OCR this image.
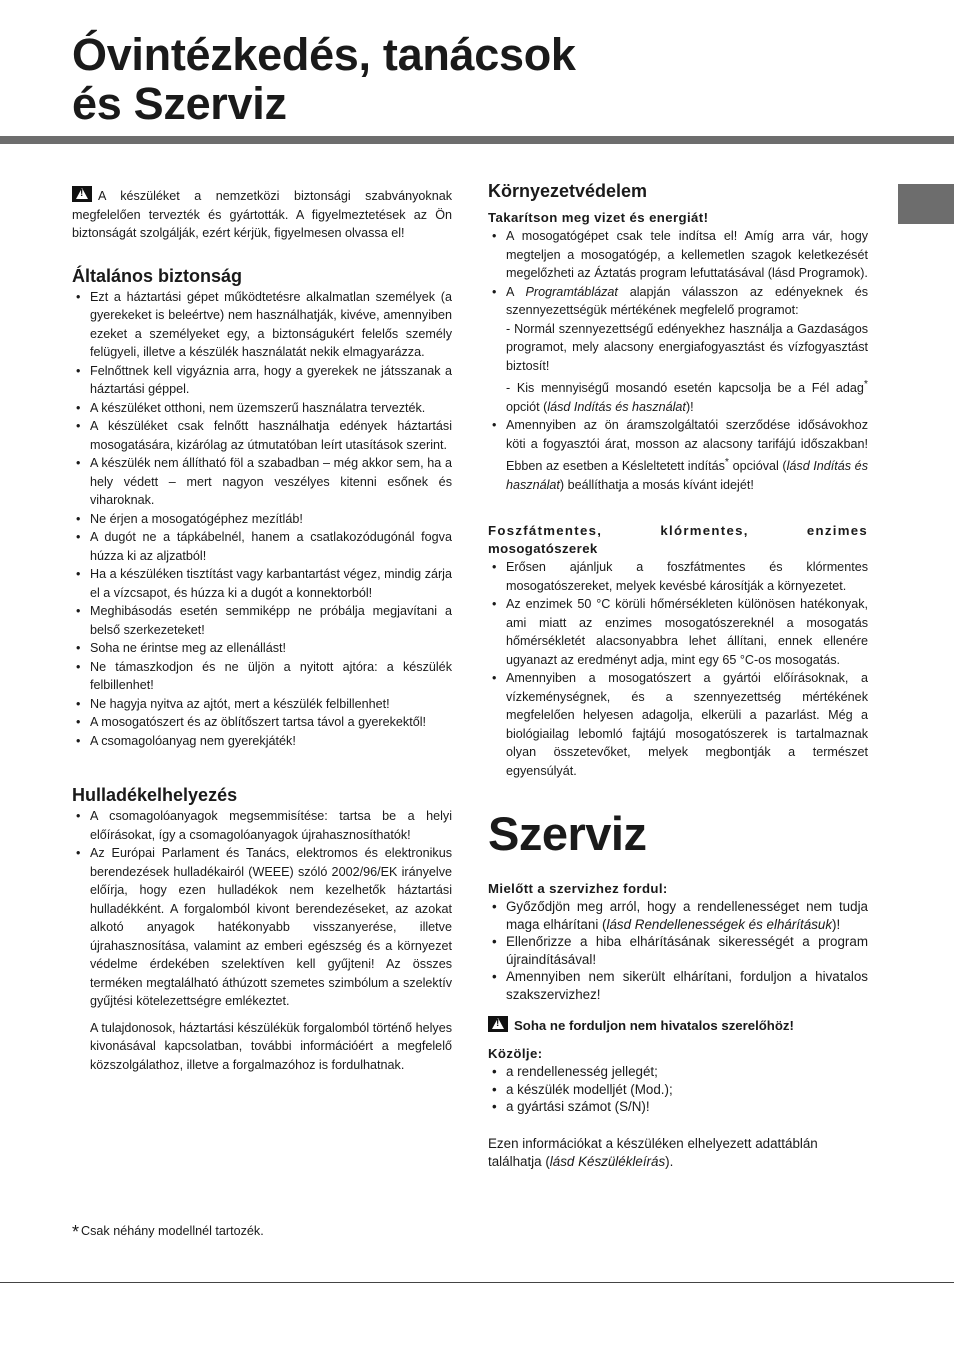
Óvintézkedés, tanácsok
és Szerviz

!A készüléket a nemzetközi biztonsági szabványoknak megfelelően tervezték és gyártották. A figyelmeztetések az Ön biztonságát szolgálják, ezért kérjük, figyelmesen olvassa el!

Általános biztonság
• Ezt a háztartási gépet működtetésre alkalmatlan személyek (a gyerekeket is beleértve) nem használhatják, kivéve, amennyiben ezeket a személyeket egy, a biztonságukért felelős személy felügyeli, illetve a készülék használatát nekik elmagyarázza.
• Felnőttnek kell vigyáznia arra, hogy a gyerekek ne játsszanak a háztartási géppel.
• A készüléket otthoni, nem üzemszerű használatra tervezték.
• A készüléket csak felnőtt használhatja edények háztartási mosogatására, kizárólag az útmutatóban leírt utasítások szerint.
• A készülék nem állítható föl a szabadban – még akkor sem, ha a hely védett – mert nagyon veszélyes kitenni esőnek és viharoknak.
• Ne érjen a mosogatógéphez mezítláb!
• A dugót ne a tápkábelnél, hanem a csatlakozódugónál fogva húzza ki az aljzatból!
• Ha a készüléken tisztítást vagy karbantartást végez, mindig zárja el a vízcsapot, és húzza ki a dugót a konnektorból!
• Meghibásodás esetén semmiképp ne próbálja megjavítani a belső szerkezeteket!
• Soha ne érintse meg az ellenállást!
• Ne támaszkodjon és ne üljön a nyitott ajtóra: a készülék felbillenhet!
• Ne hagyja nyitva az ajtót, mert a készülék felbillenhet!
• A mosogatószert és az öblítőszert tartsa távol a gyerekektől!
• A csomagolóanyag nem gyerekjáték!
Hulladékelhelyezés
• A csomagolóanyagok megsemmisítése: tartsa be a helyi előírásokat, így a csomagolóanyagok újrahasznosíthatók!
• Az Európai Parlament és Tanács, elektromos és elektronikus berendezések hulladékairól (WEEE) szóló 2002/96/EK irányelve előírja, hogy ezen hulladékok nem kezelhetők háztartási hulladékként. A forgalomból kivont berendezéseket, az azokat alkotó anyagok hatékonyabb visszanyerése, illetve újrahasznosítása, valamint az emberi egészség és a környezet védelme érdekében szelektíven kell gyűjteni! Az összes terméken megtalálható áthúzott szemetes szimbólum a szelektív gyűjtési kötelezettségre emlékeztet.

A tulajdonosok, háztartási készülékük forgalomból történő helyes kivonásával kapcsolatban, további információért a megfelelő közszolgálathoz, illetve a forgalmazóhoz is fordulhatnak.

Környezetvédelem
Takarítson meg vizet és energiát!
• A mosogatógépet csak tele indítsa el! Amíg arra vár, hogy megteljen a mosogatógép, a kellemetlen szagok keletkezését megelőzheti az Áztatás program lefuttatásával (lásd Programok).
• A Programtáblázat alapján válasszon az edényeknek és szennyezettségük mértékének megfelelő programot:
- Normál szennyezettségű edényekhez használja a Gazdaságos programot, mely alacsony energiafogyasztást és vízfogyasztást biztosít!
- Kis mennyiségű mosandó esetén kapcsolja be a Fél adag* opciót (lásd Indítás és használat)!
• Amennyiben az ön áramszolgáltatói szerződése idősávokhoz köti a fogyasztói árat, mosson az alacsony tarifájú időszakban! Ebben az esetben a Késleltetett indítás* opcióval (lásd Indítás és használat) beállíthatja a mosás kívánt idejét!
Foszfátmentes, klórmentes, enzimes
mosogatószerek
• Erősen ajánljuk a foszfátmentes és klórmentes mosogatószereket, melyek kevésbé károsítják a környezetet.
• Az enzimek 50 °C körüli hőmérsékleten különösen hatékonyak, ami miatt az enzimes mosogatószereknél a mosogatás hőmérsékletét alacsonyabbra lehet állítani, ennek ellenére ugyanazt az eredményt adja, mint egy 65 °C-os mosogatás.
• Amennyiben a mosogatószert a gyártói előírásoknak, a vízkeménységnek, és a szennyezettség mértékének megfelelően helyesen adagolja, elkerüli a pazarlást. Még a biológiailag lebomló fajtájú mosogatószerek is tartalmaznak olyan összetevőket, melyek megbontják a természet egyensúlyát.
Szerviz
Mielőtt a szervizhez fordul:
• Győződjön meg arról, hogy a rendellenességet nem tudja maga elhárítani (lásd Rendellenességek és elhárításuk)!
• Ellenőrizze a hiba elhárításának sikerességét a program újraindításával!
• Amennyiben nem sikerült elhárítani, forduljon a hivatalos szakszervizhez!

!Soha ne forduljon nem hivatalos szerelőhöz!

Közölje:
• a rendellenesség jellegét;
• a készülék modelljét (Mod.);
• a gyártási számot (S/N)!

Ezen információkat a készüléken elhelyezett adattáblán találhatja (lásd Készülékleírás).

* Csak néhány modellnél tartozék.
